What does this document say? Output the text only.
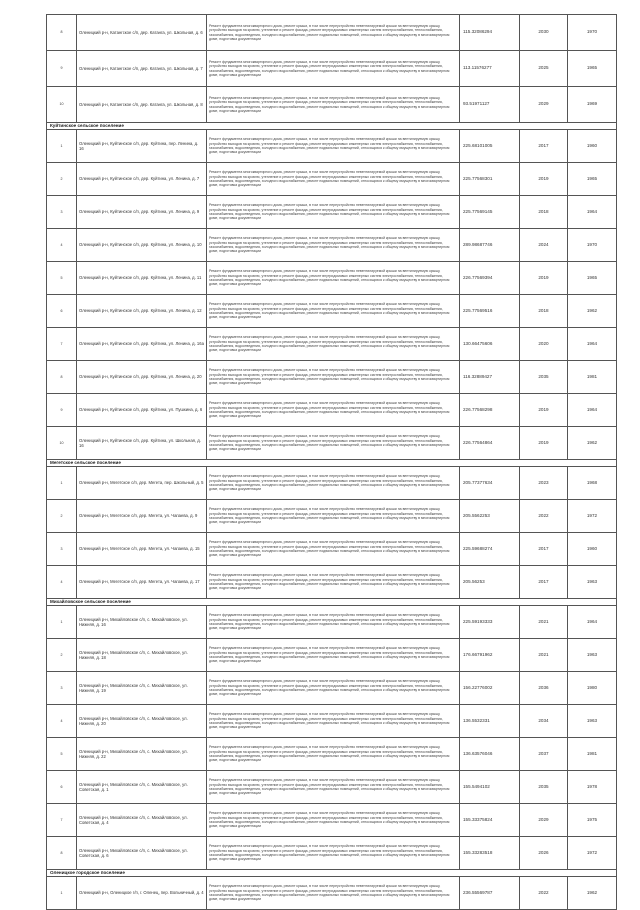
8	Оленицкий р-н, Катангское с/п, дер. Катанга, ул. Школьная, д. 6	Ремонт фундамента многоквартирного дома, ремонт крыши, в том числе переустройство невентилируемой крыши на вентилируемую крышу, устройство выходов на кровлю, утепление и ремонт фасада, ремонт внутридомовых инженерных систем электроснабжения, теплоснабжения, газоснабжения, водоотведения, холодного водоснабжения, ремонт подвальных помещений, относящихся к общему имуществу в многоквартирном доме, подготовка документации	115.32086294	2030	1970
9	Оленицкий р-н, Катангское с/п, дер. Катанга, ул. Школьная, д. 7	Ремонт фундамента многоквартирного дома, ремонт крыши, в том числе переустройство невентилируемой крыши на вентилируемую крышу, устройство выходов на кровлю, утепление и ремонт фасада, ремонт внутридомовых инженерных систем электроснабжения, теплоснабжения, газоснабжения, водоотведения, холодного водоснабжения, ремонт подвальных помещений, относящихся к общему имуществу в многоквартирном доме, подготовка документации	113.11576277	2025	1965
10	Оленицкий р-н, Катангское с/п, дер. Катанга, ул. Школьная, д. 8	Ремонт фундамента многоквартирного дома, ремонт крыши, в том числе переустройство невентилируемой крыши на вентилируемую крышу, устройство выходов на кровлю, утепление и ремонт фасада, ремонт внутридомовых инженерных систем электроснабжения, теплоснабжения, газоснабжения, водоотведения, холодного водоснабжения, ремонт подвальных помещений, относящихся к общему имуществу в многоквартирном доме, подготовка документации	93.51971127	2029	1969
Куйтинское сельское поселение					
1	Оленицкий р-н, Куйтинское с/п, дер. Куйтина, пер. Ленина, д. 16	Ремонт фундамента многоквартирного дома, ремонт крыши, в том числе переустройство невентилируемой крыши на вентилируемую крышу, устройство выходов на кровлю, утепление и ремонт фасада, ремонт внутридомовых инженерных систем электроснабжения, теплоснабжения, газоснабжения, водоотведения, холодного водоснабжения, ремонт подвальных помещений, относящихся к общему имуществу в многоквартирном доме, подготовка документации	225.68101005	2017	1960
2	Оленицкий р-н, Куйтинское с/п, дер. Куйтина, ул. Ленина, д. 7	Ремонт фундамента многоквартирного дома, ремонт крыши, в том числе переустройство невентилируемой крыши на вентилируемую крышу, устройство выходов на кровлю, утепление и ремонт фасада, ремонт внутридомовых инженерных систем электроснабжения, теплоснабжения, газоснабжения, водоотведения, холодного водоснабжения, ремонт подвальных помещений, относящихся к общему имуществу в многоквартирном доме, подготовка документации	225.77568301	2019	1965
3	Оленицкий р-н, Куйтинское с/п, дер. Куйтина, ул. Ленина, д. 9	Ремонт фундамента многоквартирного дома, ремонт крыши, в том числе переустройство невентилируемой крыши на вентилируемую крышу, устройство выходов на кровлю, утепление и ремонт фасада, ремонт внутридомовых инженерных систем электроснабжения, теплоснабжения, газоснабжения, водоотведения, холодного водоснабжения, ремонт подвальных помещений, относящихся к общему имуществу в многоквартирном доме, подготовка документации	225.77569145	2018	1964
4	Оленицкий р-н, Куйтинское с/п, дер. Куйтина, ул. Ленина, д. 10	Ремонт фундамента многоквартирного дома, ремонт крыши, в том числе переустройство невентилируемой крыши на вентилируемую крышу, устройство выходов на кровлю, утепление и ремонт фасада, ремонт внутридомовых инженерных систем электроснабжения, теплоснабжения, газоснабжения, водоотведения, холодного водоснабжения, ремонт подвальных помещений, относящихся к общему имуществу в многоквартирном доме, подготовка документации	289.98687746	2024	1970
5	Оленицкий р-н, Куйтинское с/п, дер. Куйтина, ул. Ленина, д. 11	Ремонт фундамента многоквартирного дома, ремонт крыши, в том числе переустройство невентилируемой крыши на вентилируемую крышу, устройство выходов на кровлю, утепление и ремонт фасада, ремонт внутридомовых инженерных систем электроснабжения, теплоснабжения, газоснабжения, водоотведения, холодного водоснабжения, ремонт подвальных помещений, относящихся к общему имуществу в многоквартирном доме, подготовка документации	226.77569394	2019	1965
6	Оленицкий р-н, Куйтинское с/п, дер. Куйтина, ул. Ленина, д. 12	Ремонт фундамента многоквартирного дома, ремонт крыши, в том числе переустройство невентилируемой крыши на вентилируемую крышу, устройство выходов на кровлю, утепление и ремонт фасада, ремонт внутридомовых инженерных систем электроснабжения, теплоснабжения, газоснабжения, водоотведения, холодного водоснабжения, ремонт подвальных помещений, относящихся к общему имуществу в многоквартирном доме, подготовка документации	225.77569516	2018	1962
7	Оленицкий р-н, Куйтинское с/п, дер. Куйтина, ул. Ленина, д. 16а	Ремонт фундамента многоквартирного дома, ремонт крыши, в том числе переустройство невентилируемой крыши на вентилируемую крышу, устройство выходов на кровлю, утепление и ремонт фасада, ремонт внутридомовых инженерных систем электроснабжения, теплоснабжения, газоснабжения, водоотведения, холодного водоснабжения, ремонт подвальных помещений, относящихся к общему имуществу в многоквартирном доме, подготовка документации	130.66475606	2020	1964
8	Оленицкий р-н, Куйтинское с/п, дер. Куйтина, ул. Ленина, д. 20	Ремонт фундамента многоквартирного дома, ремонт крыши, в том числе переустройство невентилируемой крыши на вентилируемую крышу, устройство выходов на кровлю, утепление и ремонт фасада, ремонт внутридомовых инженерных систем электроснабжения, теплоснабжения, газоснабжения, водоотведения, холодного водоснабжения, ремонт подвальных помещений, относящихся к общему имуществу в многоквартирном доме, подготовка документации	116.32889427	2035	1981
9	Оленицкий р-н, Куйтинское с/п, дер. Куйтина, ул. Пушкина, д. 6	Ремонт фундамента многоквартирного дома, ремонт крыши, в том числе переустройство невентилируемой крыши на вентилируемую крышу, устройство выходов на кровлю, утепление и ремонт фасада, ремонт внутридомовых инженерных систем электроснабжения, теплоснабжения, газоснабжения, водоотведения, холодного водоснабжения, ремонт подвальных помещений, относящихся к общему имуществу в многоквартирном доме, подготовка документации	226.77568298	2019	1964
10	Оленицкий р-н, Куйтинское с/п, дер. Куйтина, ул. Школьная, д. 16	Ремонт фундамента многоквартирного дома, ремонт крыши, в том числе переустройство невентилируемой крыши на вентилируемую крышу, устройство выходов на кровлю, утепление и ремонт фасада, ремонт внутридомовых инженерных систем электроснабжения, теплоснабжения, газоснабжения, водоотведения, холодного водоснабжения, ремонт подвальных помещений, относящихся к общему имуществу в многоквартирном доме, подготовка документации	226.77564864	2019	1962
Мегетское сельское поселение					
1	Оленицкий р-н, Мегетское с/п, дер. Мегета, пер. Школьный, д. 5	Ремонт фундамента многоквартирного дома, ремонт крыши, в том числе переустройство невентилируемой крыши на вентилируемую крышу, устройство выходов на кровлю, утепление и ремонт фасада, ремонт внутридомовых инженерных систем электроснабжения, теплоснабжения, газоснабжения, водоотведения, холодного водоснабжения, ремонт подвальных помещений, относящихся к общему имуществу в многоквартирном доме, подготовка документации	205.77377634	2023	1968
2	Оленицкий р-н, Мегетское с/п, дер. Мегета, ул. Чапаева, д. 9	Ремонт фундамента многоквартирного дома, ремонт крыши, в том числе переустройство невентилируемой крыши на вентилируемую крышу, устройство выходов на кровлю, утепление и ремонт фасада, ремонт внутридомовых инженерных систем электроснабжения, теплоснабжения, газоснабжения, водоотведения, холодного водоснабжения, ремонт подвальных помещений, относящихся к общему имуществу в многоквартирном доме, подготовка документации	205.5562253	2022	1972
3	Оленицкий р-н, Мегетское с/п, дер. Мегета, ул. Чапаева, д. 15	Ремонт фундамента многоквартирного дома, ремонт крыши, в том числе переустройство невентилируемой крыши на вентилируемую крышу, устройство выходов на кровлю, утепление и ремонт фасада, ремонт внутридомовых инженерных систем электроснабжения, теплоснабжения, газоснабжения, водоотведения, холодного водоснабжения, ремонт подвальных помещений, относящихся к общему имуществу в многоквартирном доме, подготовка документации	225.59688274	2017	1960
4	Оленицкий р-н, Мегетское с/п, дер. Мегета, ул. Чапаева, д. 17	Ремонт фундамента многоквартирного дома, ремонт крыши, в том числе переустройство невентилируемой крыши на вентилируемую крышу, устройство выходов на кровлю, утепление и ремонт фасада, ремонт внутридомовых инженерных систем электроснабжения, теплоснабжения, газоснабжения, водоотведения, холодного водоснабжения, ремонт подвальных помещений, относящихся к общему имуществу в многоквартирном доме, подготовка документации	205.56253	2017	1963
Михайловское сельское поселение					
1	Оленицкий р-н, Михайловское с/п, с. Михайловское, ул. Нижняя, д. 16	Ремонт фундамента многоквартирного дома, ремонт крыши, в том числе переустройство невентилируемой крыши на вентилируемую крышу, устройство выходов на кровлю, утепление и ремонт фасада, ремонт внутридомовых инженерных систем электроснабжения, теплоснабжения, газоснабжения, водоотведения, холодного водоснабжения, ремонт подвальных помещений, относящихся к общему имуществу в многоквартирном доме, подготовка документации	225.59193333	2021	1964
2	Оленицкий р-н, Михайловское с/п, с. Михайловское, ул. Нижняя, д. 18	Ремонт фундамента многоквартирного дома, ремонт крыши, в том числе переустройство невентилируемой крыши на вентилируемую крышу, устройство выходов на кровлю, утепление и ремонт фасада, ремонт внутридомовых инженерных систем электроснабжения, теплоснабжения, газоснабжения, водоотведения, холодного водоснабжения, ремонт подвальных помещений, относящихся к общему имуществу в многоквартирном доме, подготовка документации	176.66791962	2021	1963
3	Оленицкий р-н, Михайловское с/п, с. Михайловское, ул. Нижняя, д. 19	Ремонт фундамента многоквартирного дома, ремонт крыши, в том числе переустройство невентилируемой крыши на вентилируемую крышу, устройство выходов на кровлю, утепление и ремонт фасада, ремонт внутридомовых инженерных систем электроснабжения, теплоснабжения, газоснабжения, водоотведения, холодного водоснабжения, ремонт подвальных помещений, относящихся к общему имуществу в многоквартирном доме, подготовка документации	156.22776002	2036	1980
4	Оленицкий р-н, Михайловское с/п, с. Михайловское, ул. Нижняя, д. 20	Ремонт фундамента многоквартирного дома, ремонт крыши, в том числе переустройство невентилируемой крыши на вентилируемую крышу, устройство выходов на кровлю, утепление и ремонт фасада, ремонт внутридомовых инженерных систем электроснабжения, теплоснабжения, газоснабжения, водоотведения, холодного водоснабжения, ремонт подвальных помещений, относящихся к общему имуществу в многоквартирном доме, подготовка документации	136.5532331	2034	1963
5	Оленицкий р-н, Михайловское с/п, с. Михайловское, ул. Нижняя, д. 22	Ремонт фундамента многоквартирного дома, ремонт крыши, в том числе переустройство невентилируемой крыши на вентилируемую крышу, устройство выходов на кровлю, утепление и ремонт фасада, ремонт внутридомовых инженерных систем электроснабжения, теплоснабжения, газоснабжения, водоотведения, холодного водоснабжения, ремонт подвальных помещений, относящихся к общему имуществу в многоквартирном доме, подготовка документации	136.63576046	2037	1981
6	Оленицкий р-н, Михайловское с/п, с. Михайловское, ул. Советская, д. 1	Ремонт фундамента многоквартирного дома, ремонт крыши, в том числе переустройство невентилируемой крыши на вентилируемую крышу, устройство выходов на кровлю, утепление и ремонт фасада, ремонт внутридомовых инженерных систем электроснабжения, теплоснабжения, газоснабжения, водоотведения, холодного водоснабжения, ремонт подвальных помещений, относящихся к общему имуществу в многоквартирном доме, подготовка документации	155.5494102	2035	1978
7	Оленицкий р-н, Михайловское с/п, с. Михайловское, ул. Советская, д. 4	Ремонт фундамента многоквартирного дома, ремонт крыши, в том числе переустройство невентилируемой крыши на вентилируемую крышу, устройство выходов на кровлю, утепление и ремонт фасада, ремонт внутридомовых инженерных систем электроснабжения, теплоснабжения, газоснабжения, водоотведения, холодного водоснабжения, ремонт подвальных помещений, относящихся к общему имуществу в многоквартирном доме, подготовка документации	155.33375824	2029	1975
8	Оленицкий р-н, Михайловское с/п, с. Михайловское, ул. Советская, д. 6	Ремонт фундамента многоквартирного дома, ремонт крыши, в том числе переустройство невентилируемой крыши на вентилируемую крышу, устройство выходов на кровлю, утепление и ремонт фасада, ремонт внутридомовых инженерных систем электроснабжения, теплоснабжения, газоснабжения, водоотведения, холодного водоснабжения, ремонт подвальных помещений, относящихся к общему имуществу в многоквартирном доме, подготовка документации	155.33283518	2026	1972
Оленицкое городское поселение					
1	Оленицкий р-н, Оленицкое г/п, г. Оленец, пер. Вольничный, д. 4	Ремонт фундамента многоквартирного дома, ремонт крыши, в том числе переустройство невентилируемой крыши на вентилируемую крышу, устройство выходов на кровлю, утепление и ремонт фасада, ремонт внутридомовых инженерных систем электроснабжения, теплоснабжения, газоснабжения, водоотведения, холодного водоснабжения, ремонт подвальных помещений, относящихся к общему имуществу в многоквартирном доме, подготовка документации	236.55569787	2022	1962
